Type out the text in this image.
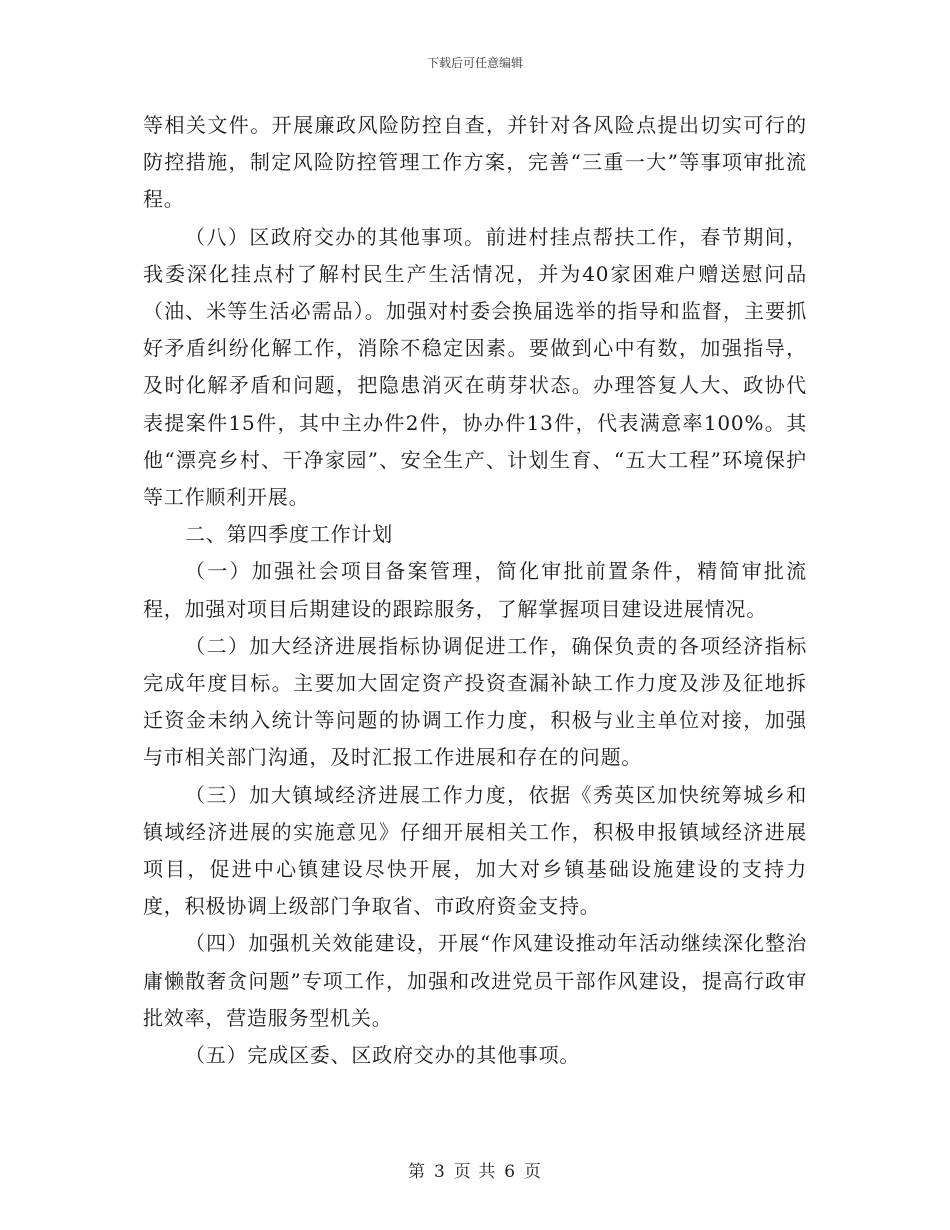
下载后可任意编辑

等相关文件。开展廉政风险防控自查，并针对各风险点提出切实可行的防控措施，制定风险防控管理工作方案，完善“三重一大”等事项审批流程。

（八）区政府交办的其他事项。前进村挂点帮扶工作，春节期间，我委深化挂点村了解村民生产生活情况，并为40家困难户赠送慰问品（油、米等生活必需品）。加强对村委会换届选举的指导和监督，主要抓好矛盾纠纷化解工作，消除不稳定因素。要做到心中有数，加强指导，及时化解矛盾和问题，把隐患消灭在萌芽状态。办理答复人大、政协代表提案件15件，其中主办件2件，协办件13件，代表满意率100%。其他“漂亮乡村、干净家园”、安全生产、计划生育、“五大工程”环境保护等工作顺利开展。

二、第四季度工作计划

（一）加强社会项目备案管理，简化审批前置条件，精简审批流程，加强对项目后期建设的跟踪服务，了解掌握项目建设进展情况。

（二）加大经济进展指标协调促进工作，确保负责的各项经济指标完成年度目标。主要加大固定资产投资查漏补缺工作力度及涉及征地拆迁资金未纳入统计等问题的协调工作力度，积极与业主单位对接，加强与市相关部门沟通，及时汇报工作进展和存在的问题。

（三）加大镇域经济进展工作力度，依据《秀英区加快统筹城乡和镇域经济进展的实施意见》仔细开展相关工作，积极申报镇域经济进展项目，促进中心镇建设尽快开展，加大对乡镇基础设施建设的支持力度，积极协调上级部门争取省、市政府资金支持。

（四）加强机关效能建设，开展“作风建设推动年活动继续深化整治庸懒散奢贪问题”专项工作，加强和改进党员干部作风建设，提高行政审批效率，营造服务型机关。

（五）完成区委、区政府交办的其他事项。

第 3 页 共 6 页
